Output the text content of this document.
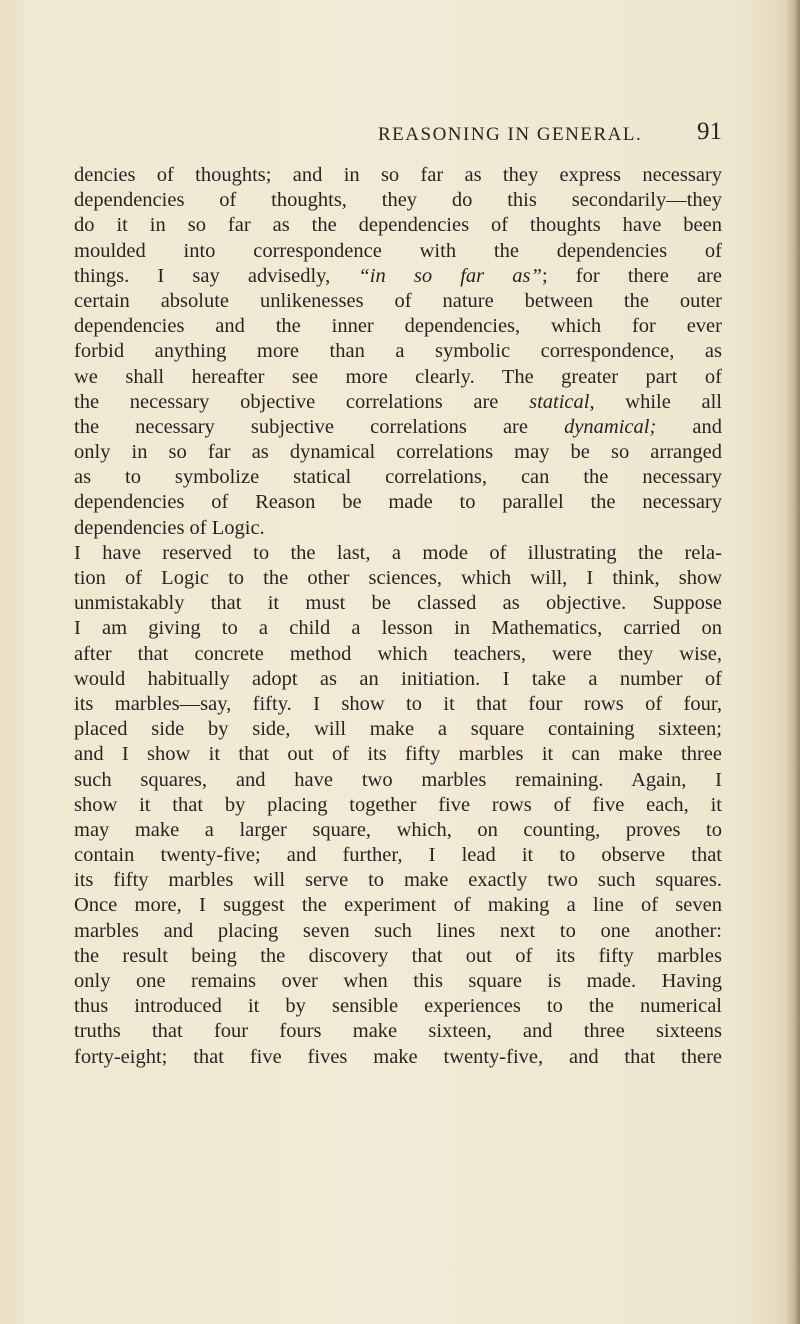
REASONING IN GENERAL. 91
dencies of thoughts; and in so far as they express necessary
dependencies of thoughts, they do this secondarily—they
do it in so far as the dependencies of thoughts have been
moulded into correspondence with the dependencies of
things. I say advisedly, “in so far as”; for there are
certain absolute unlikenesses of nature between the outer
dependencies and the inner dependencies, which for ever
forbid anything more than a symbolic correspondence, as
we shall hereafter see more clearly. The greater part of
the necessary objective correlations are statical, while all
the necessary subjective correlations are dynamical; and
only in so far as dynamical correlations may be so arranged
as to symbolize statical correlations, can the necessary
dependencies of Reason be made to parallel the necessary
dependencies of Logic.
I have reserved to the last, a mode of illustrating the rela-
tion of Logic to the other sciences, which will, I think, show
unmistakably that it must be classed as objective. Suppose
I am giving to a child a lesson in Mathematics, carried on
after that concrete method which teachers, were they wise,
would habitually adopt as an initiation. I take a number of
its marbles—say, fifty. I show to it that four rows of four,
placed side by side, will make a square containing sixteen;
and I show it that out of its fifty marbles it can make three
such squares, and have two marbles remaining. Again, I
show it that by placing together five rows of five each, it
may make a larger square, which, on counting, proves to
contain twenty-five; and further, I lead it to observe that
its fifty marbles will serve to make exactly two such squares.
Once more, I suggest the experiment of making a line of seven
marbles and placing seven such lines next to one another:
the result being the discovery that out of its fifty marbles
only one remains over when this square is made. Having
thus introduced it by sensible experiences to the numerical
truths that four fours make sixteen, and three sixteens
forty-eight; that five fives make twenty-five, and that there
